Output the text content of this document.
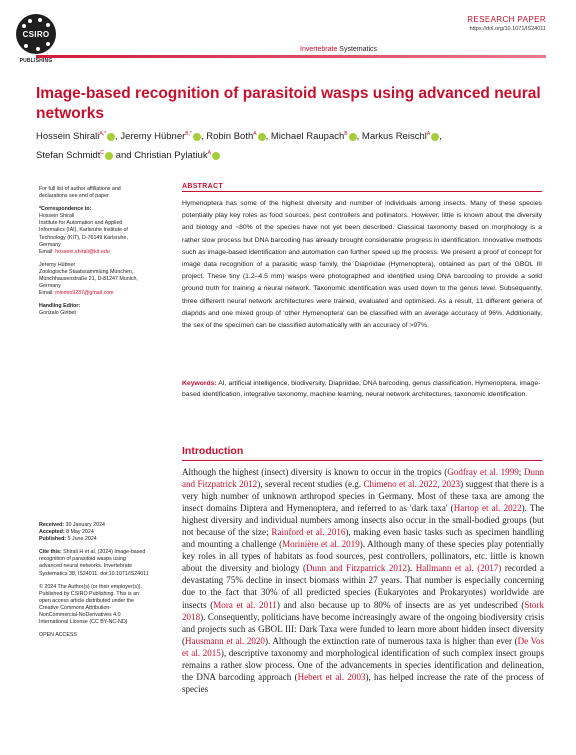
CSIRO
PUBLISHING
RESEARCH PAPER
https://doi.org/10.1071/IS24011
Invertebrate Systematics
Image-based recognition of parasitoid wasps using advanced neural networks
Hossein Shirali$^{A,*}$ , Jeremy Hübner$^{B,*}$ , Robin Both$^A$ , Michael Raupach$^B$ , Markus Reischl$^A$ ,
Stefan Schmidt$^C$ and Christian Pylatiuk$^A$

For full list of author affiliations and declarations see end of paper

*Correspondence to:
Hossein Shirali
Institute for Automation and Applied Informatics (IAI), Karlsruhe Institute of Technology (KIT), D-76149 Karlsruhe, Germany
Email: hossein.shirali@kit.edu

Jeremy Hübner
Zoologische Staatssammlung München, Münchhausenstraße 21, D-81247 Munich, Germany
Email: miomio9237@gmail.com

Handling Editor:
Gonzalo Giribet

Received: 30 January 2024
Accepted: 8 May 2024
Published: 5 June 2024

Cite this: Shirali H et al. (2024) Image-based recognition of parasitoid wasps using advanced neural networks. Invertebrate Systematics 38, IS24011. doi:10.1071/IS24011

© 2024 The Author(s) (or their employer(s)). Published by CSIRO Publishing. This is an open access article distributed under the Creative Commons Attribution-NonCommercial-NoDerivatives 4.0 International License (CC BY-NC-ND)

OPEN ACCESS

ABSTRACT

Hymenoptera has some of the highest diversity and number of individuals among insects. Many of these species potentially play key roles as food sources, pest controllers and pollinators. However, little is known about the diversity and biology and ~80% of the species have not yet been described. Classical taxonomy based on morphology is a rather slow process but DNA barcoding has already brought considerable progress in identification. Innovative methods such as image-based identification and automation can further speed up the process. We present a proof of concept for image data recognition of a parasitic wasp family, the Diapriidae (Hymenoptera), obtained as part of the GBOL III project. These tiny (1.2–4.5 mm) wasps were photographed and identified using DNA barcoding to provide a solid ground truth for training a neural network. Taxonomic identification was used down to the genus level. Subsequently, three different neural network architectures were trained, evaluated and optimised. As a result, 11 different genera of diaprids and one mixed group of 'other Hymenoptera' can be classified with an average accuracy of 96%. Additionally, the sex of the specimen can be classified automatically with an accuracy of >97%.

Keywords: AI, artificial intelligence, biodiversity, Diapriidae, DNA barcoding, genus classification, Hymenoptera, image-based identification, integrative taxonomy, machine learning, neural network architectures, taxonomic identification.

Introduction

Although the highest (insect) diversity is known to occur in the tropics (Godfray et al. 1999; Dunn and Fitzpatrick 2012), several recent studies (e.g. Chimeno et al. 2022, 2023) suggest that there is a very high number of unknown arthropod species in Germany. Most of these taxa are among the insect domains Diptera and Hymenoptera, and referred to as 'dark taxa' (Hartop et al. 2022). The highest diversity and individual numbers among insects also occur in the small-bodied groups (but not because of the size; Rainford et al. 2016), making even basic tasks such as specimen handling and mounting a challenge (Morinière et al. 2019). Although many of these species play potentially key roles in all types of habitats as food sources, pest controllers, pollinators, etc. little is known about the diversity and biology (Dunn and Fitzpatrick 2012). Hallmann et al. (2017) recorded a devastating 75% decline in insect biomass within 27 years. That number is especially concerning due to the fact that 30% of all predicted species (Eukaryotes and Prokaryotes) worldwide are insects (Mora et al. 2011) and also because up to 80% of insects are as yet undescribed (Stork 2018). Consequently, politicians have become increasingly aware of the ongoing biodiversity crisis and projects such as GBOL III: Dark Taxa were funded to learn more about hidden insect diversity (Hausmann et al. 2020). Although the extinction rate of numerous taxa is higher than ever (De Vos et al. 2015), descriptive taxonomy and morphological identification of such complex insect groups remains a rather slow process. One of the advancements in species identification and delineation, the DNA barcoding approach (Hebert et al. 2003), has helped increase the rate of the process of species
